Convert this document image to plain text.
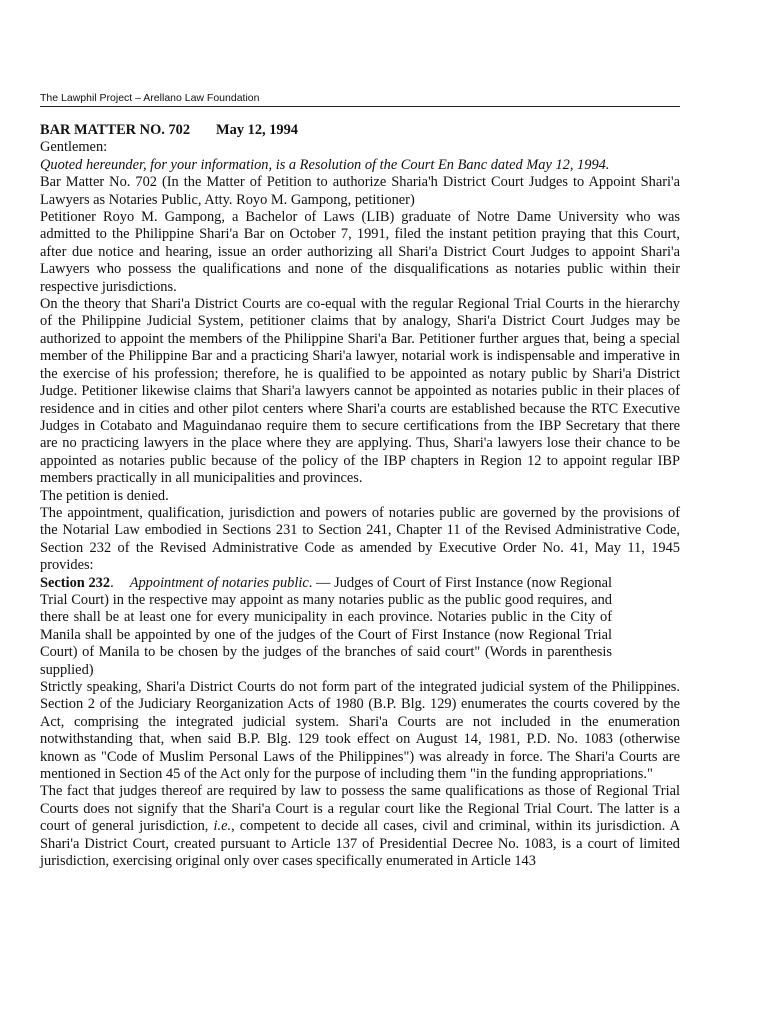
The Lawphil Project – Arellano Law Foundation

BAR MATTER NO. 702 May 12, 1994

Gentlemen:

Quoted hereunder, for your information, is a Resolution of the Court En Banc dated May 12, 1994.

Bar Matter No. 702 (In the Matter of Petition to authorize Sharia'h District Court Judges to Appoint Shari'a Lawyers as Notaries Public, Atty. Royo M. Gampong, petitioner)

Petitioner Royo M. Gampong, a Bachelor of Laws (LIB) graduate of Notre Dame University who was admitted to the Philippine Shari'a Bar on October 7, 1991, filed the instant petition praying that this Court, after due notice and hearing, issue an order authorizing all Shari'a District Court Judges to appoint Shari'a Lawyers who possess the qualifications and none of the disqualifications as notaries public within their respective jurisdictions.

On the theory that Shari'a District Courts are co-equal with the regular Regional Trial Courts in the hierarchy of the Philippine Judicial System, petitioner claims that by analogy, Shari'a District Court Judges may be authorized to appoint the members of the Philippine Shari'a Bar. Petitioner further argues that, being a special member of the Philippine Bar and a practicing Shari'a lawyer, notarial work is indispensable and imperative in the exercise of his profession; therefore, he is qualified to be appointed as notary public by Shari'a District Judge. Petitioner likewise claims that Shari'a lawyers cannot be appointed as notaries public in their places of residence and in cities and other pilot centers where Shari'a courts are established because the RTC Executive Judges in Cotabato and Maguindanao require them to secure certifications from the IBP Secretary that there are no practicing lawyers in the place where they are applying. Thus, Shari'a lawyers lose their chance to be appointed as notaries public because of the policy of the IBP chapters in Region 12 to appoint regular IBP members practically in all municipalities and provinces.

The petition is denied.

The appointment, qualification, jurisdiction and powers of notaries public are governed by the provisions of the Notarial Law embodied in Sections 231 to Section 241, Chapter 11 of the Revised Administrative Code, Section 232 of the Revised Administrative Code as amended by Executive Order No. 41, May 11, 1945 provides:

Section 232. Appointment of notaries public. — Judges of Court of First Instance (now Regional Trial Court) in the respective may appoint as many notaries public as the public good requires, and there shall be at least one for every municipality in each province. Notaries public in the City of Manila shall be appointed by one of the judges of the Court of First Instance (now Regional Trial Court) of Manila to be chosen by the judges of the branches of said court" (Words in parenthesis supplied)

Strictly speaking, Shari'a District Courts do not form part of the integrated judicial system of the Philippines. Section 2 of the Judiciary Reorganization Acts of 1980 (B.P. Blg. 129) enumerates the courts covered by the Act, comprising the integrated judicial system. Shari'a Courts are not included in the enumeration notwithstanding that, when said B.P. Blg. 129 took effect on August 14, 1981, P.D. No. 1083 (otherwise known as "Code of Muslim Personal Laws of the Philippines") was already in force. The Shari'a Courts are mentioned in Section 45 of the Act only for the purpose of including them "in the funding appropriations."

The fact that judges thereof are required by law to possess the same qualifications as those of Regional Trial Courts does not signify that the Shari'a Court is a regular court like the Regional Trial Court. The latter is a court of general jurisdiction, i.e., competent to decide all cases, civil and criminal, within its jurisdiction. A Shari'a District Court, created pursuant to Article 137 of Presidential Decree No. 1083, is a court of limited jurisdiction, exercising original only over cases specifically enumerated in Article 143
